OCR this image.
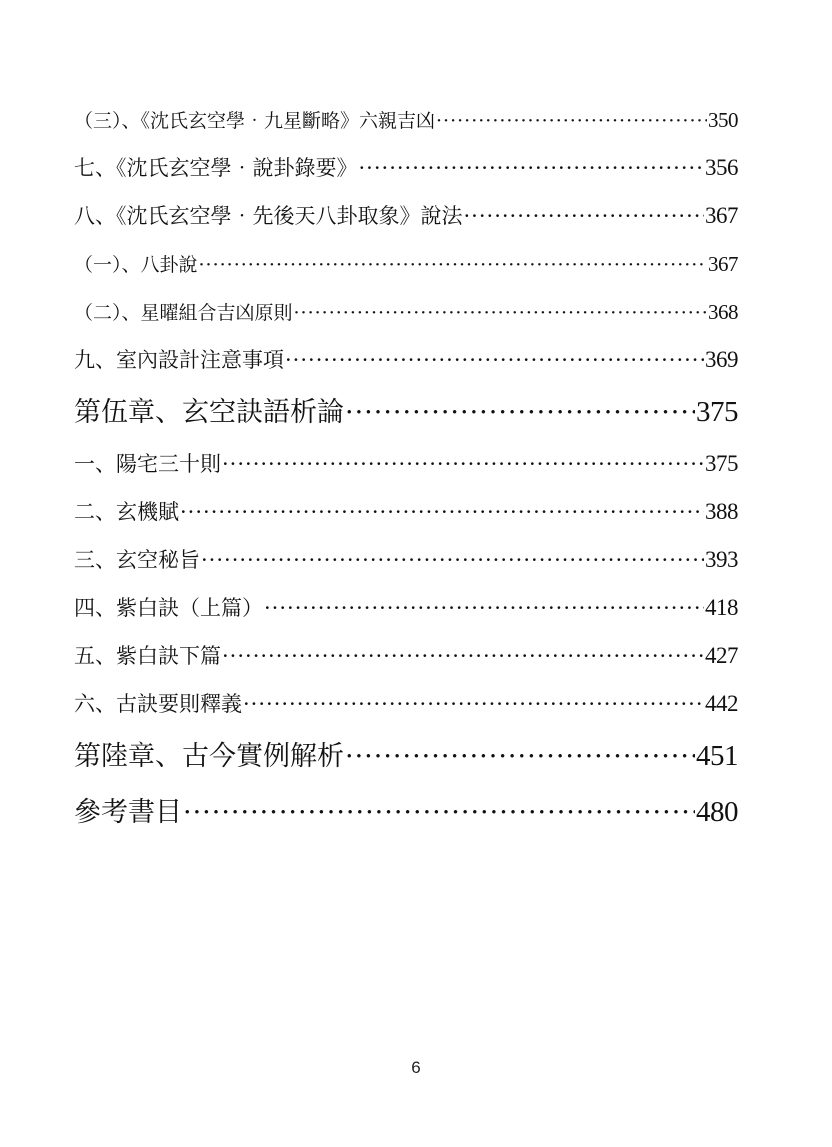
（三）、《沈氏玄空學‧九星斷略》六親吉凶 ·····	350
七、《沈氏玄空學‧說卦錄要》 ·····	356
八、《沈氏玄空學‧先後天八卦取象》說法 ·····	367
（一）、八卦說 ·····	367
（二）、星曜組合吉凶原則 ·····	368
九、室內設計注意事項 ·····	369
第伍章、玄空訣語析論 ·····	375
一、陽宅三十則 ·····	375
二、玄機賦 ·····	388
三、玄空秘旨 ·····	393
四、紫白訣（上篇） ·····	418
五、紫白訣下篇 ·····	427
六、古訣要則釋義 ·····	442
第陸章、古今實例解析 ·····	451
參考書目 ·····	480
6
